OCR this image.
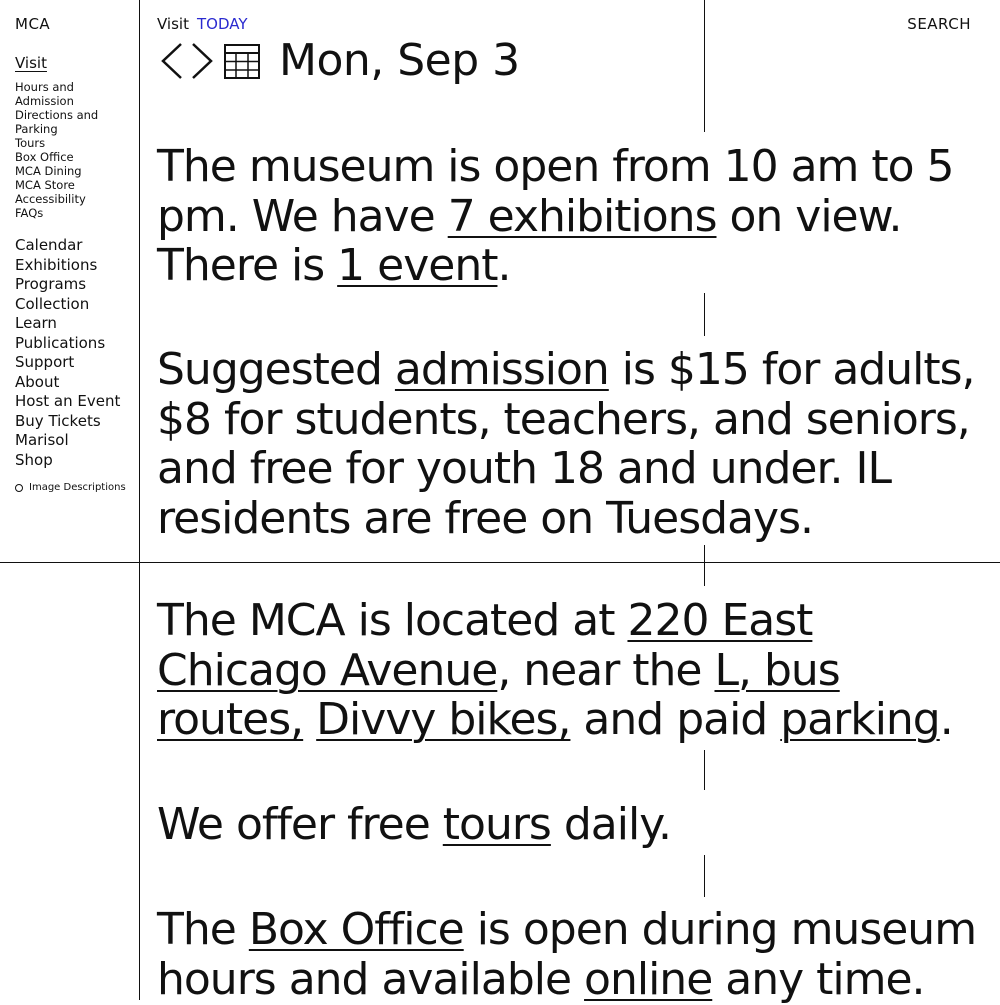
MCA
Visit
Hours and
Admission
Directions and
Parking
Tours
Box Office
MCA Dining
MCA Store
Accessibility
FAQs
Calendar
Exhibitions
Programs
Collection
Learn
Publications
Support
About
Host an Event
Buy Tickets
Marisol
Shop
Image Descriptions
Visit TODAY	SEARCH
Mon, Sep 3

The museum is open from 10 am to 5 pm. We have 7 exhibitions on view. There is 1 event.

Suggested admission is $15 for adults, $8 for students, teachers, and seniors, and free for youth 18 and under. IL residents are free on Tuesdays.

The MCA is located at 220 East Chicago Avenue, near the L, bus routes, Divvy bikes, and paid parking.

We offer free tours daily.

The Box Office is open during museum hours and available online any time.
